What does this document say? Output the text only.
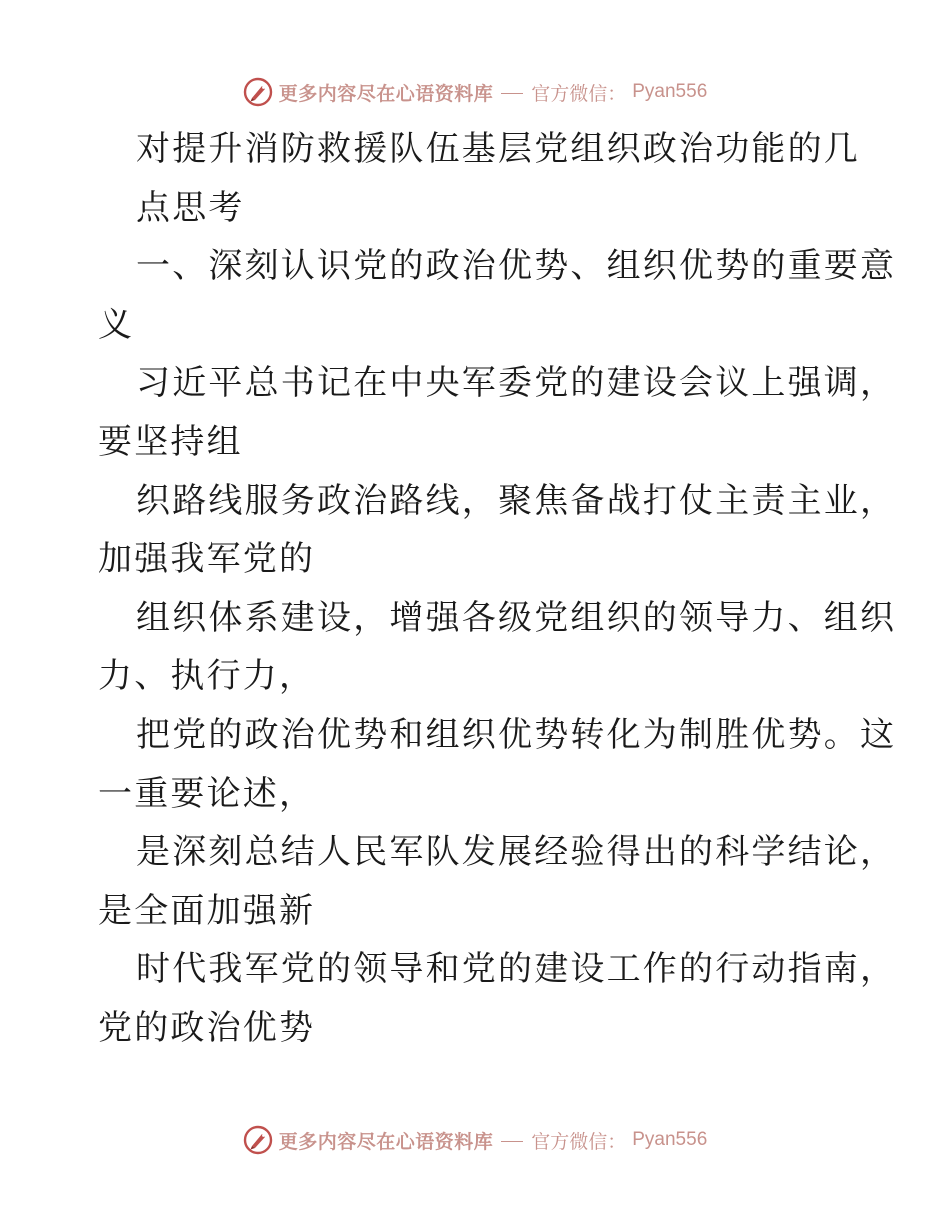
更多内容尽在心语资料库 官方微信： Pyan556
对提升消防救援队伍基层党组织政治功能的几
点思考
一、深刻认识党的政治优势、组织优势的重要意
义
习近平总书记在中央军委党的建设会议上强调，
要坚持组
织路线服务政治路线，聚焦备战打仗主责主业，
加强我军党的
组织体系建设，增强各级党组织的领导力、组织
力、执行力，
把党的政治优势和组织优势转化为制胜优势。这
一重要论述，
是深刻总结人民军队发展经验得出的科学结论，
是全面加强新
时代我军党的领导和党的建设工作的行动指南，
党的政治优势
更多内容尽在心语资料库 官方微信： Pyan556
